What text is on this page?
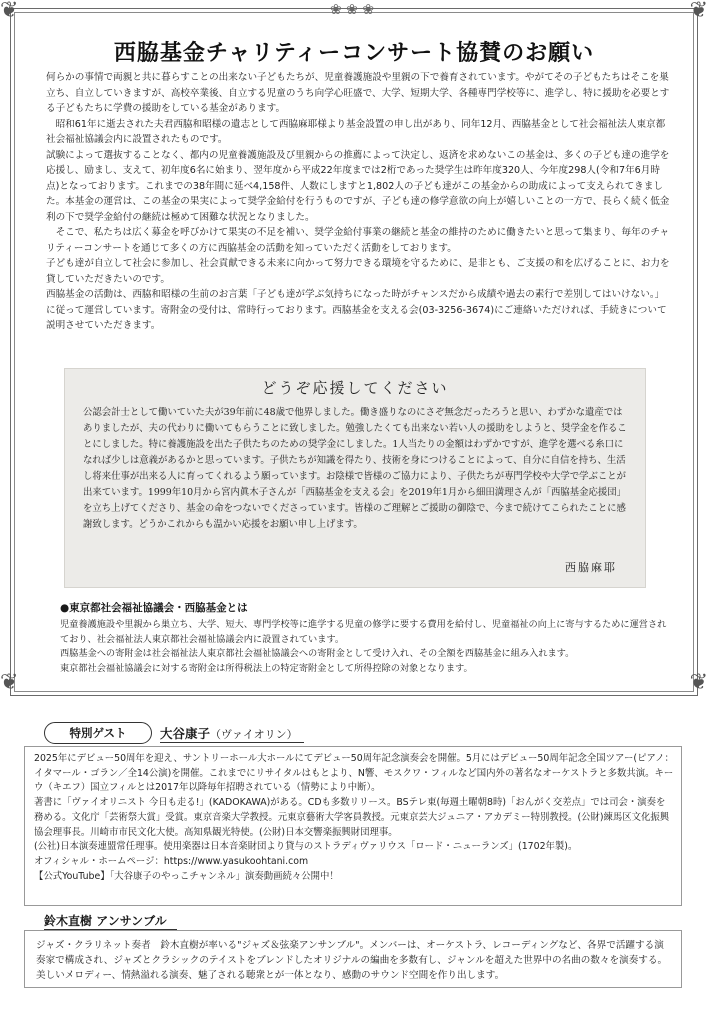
❦	❦
❦	❦
❀ ❀ ❀
西脇基金チャリティーコンサート協賛のお願い

何らかの事情で両親と共に暮らすことの出来ない子どもたちが、児童養護施設や里親の下で養育されています。やがてその子どもたちはそこを巣立ち、自立していきますが、高校卒業後、自立する児童のうち向学心旺盛で、大学、短期大学、各種専門学校等に、進学し、特に援助を必要とする子どもたちに学費の援助をしている基金があります。

　昭和61年に逝去された夫君西脇和昭様の遺志として西脇麻耶様より基金設置の申し出があり、同年12月、西脇基金として社会福祉法人東京都社会福祉協議会内に設置されたものです。

試験によって選抜することなく、都内の児童養護施設及び里親からの推薦によって決定し、返済を求めないこの基金は、多くの子ども達の進学を応援し、励まし、支えて、初年度6名に始まり、翌年度から平成22年度までは2桁であった奨学生は昨年度320人、今年度298人(令和7年6月時点)となっております。これまでの38年間に延べ4,158件、人数にしますと1,802人の子ども達がこの基金からの助成によって支えられてきました。本基金の運営は、この基金の果実によって奨学金給付を行うものですが、子ども達の修学意欲の向上が嬉しいことの一方で、長らく続く低金利の下で奨学金給付の継続は極めて困難な状況となりました。

　そこで、私たちは広く募金を呼びかけて果実の不足を補い、奨学金給付事業の継続と基金の維持のために働きたいと思って集まり、毎年のチャリティーコンサートを通じて多くの方に西脇基金の活動を知っていただく活動をしております。

子ども達が自立して社会に参加し、社会貢献できる未来に向かって努力できる環境を守るために、是非とも、ご支援の和を広げることに、お力を貸していただきたいのです。

西脇基金の活動は、西脇和昭様の生前のお言葉「子ども達が学ぶ気持ちになった時がチャンスだから成績や過去の素行で差別してはいけない。」に従って運営しています。寄附金の受付は、常時行っております。西脇基金を支える会(03-3256-3674)にご連絡いただければ、手続きについて説明させていただきます。

どうぞ応援してください
公認会計士として働いていた夫が39年前に48歳で他界しました。働き盛りなのにさぞ無念だったろうと思い、わずかな遺産ではありましたが、夫の代わりに働いてもらうことに致しました。勉強したくても出来ない若い人の援助をしようと、奨学金を作ることにしました。特に養護施設を出た子供たちのための奨学金にしました。1人当たりの金額はわずかですが、進学を選べる糸口になれば少しは意義があるかと思っています。子供たちが知識を得たり、技術を身につけることによって、自分に自信を持ち、生活し将来仕事が出来る人に育ってくれるよう願っています。お陰様で皆様のご協力により、子供たちが専門学校や大学で学ぶことが出来ています。1999年10月から宮内眞木子さんが「西脇基金を支える会」を2019年1月から細田満理さんが「西脇基金応援団」を立ち上げてくださり、基金の命をつないでくださっています。皆様のご理解とご援助の御陰で、今まで続けてこられたことに感謝致します。どうかこれからも温かい応援をお願い申し上げます。
西脇麻耶
●東京都社会福祉協議会・西脇基金とは

児童養護施設や里親から巣立ち、大学、短大、専門学校等に進学する児童の修学に要する費用を給付し、児童福祉の向上に寄与するために運営されており、社会福祉法人東京都社会福祉協議会内に設置されています。

西脇基金への寄附金は社会福祉法人東京都社会福祉協議会への寄附金として受け入れ、その全額を西脇基金に組み入れます。

東京都社会福祉協議会に対する寄附金は所得税法上の特定寄附金として所得控除の対象となります。

特別ゲスト	大谷康子（ヴァイオリン）

2025年にデビュー50周年を迎え、サントリーホール大ホールにてデビュー50周年記念演奏会を開催。5月にはデビュー50周年記念全国ツアー(ピアノ：イタマール・ゴラン／全14公演)を開催。これまでにリサイタルはもとより、N響、モスクワ・フィルなど国内外の著名なオーケストラと多数共演。キーウ（キエフ）国立フィルとは2017年以降毎年招聘されている（情勢により中断）。

著書に「ヴァイオリニスト 今日も走る!」(KADOKAWA)がある。CDも多数リリース。BSテレ東(毎週土曜朝8時)「おんがく交差点」では司会・演奏を務める。文化庁「芸術祭大賞」受賞。東京音楽大学教授。元東京藝術大学客員教授。元東京芸大ジュニア・アカデミー特別教授。(公財)練馬区文化振興協会理事長。川崎市市民文化大使。高知県観光特使。(公財)日本交響楽振興財団理事。

(公社)日本演奏連盟常任理事。使用楽器は日本音楽財団より貸与のストラディヴァリウス「ロード・ニューランズ」(1702年製)。

オフィシャル・ホームページ：https://www.yasukoohtani.com

【公式YouTube】「大谷康子のやっこチャンネル」演奏動画続々公開中！

鈴木直樹 アンサンブル
ジャズ・クラリネット奏者　鈴木直樹が率いる"ジャズ＆弦楽アンサンブル"。メンバーは、オーケストラ、レコーディングなど、各界で活躍する演奏家で構成され、ジャズとクラシックのテイストをブレンドしたオリジナルの編曲を多数有し、ジャンルを超えた世界中の名曲の数々を演奏する。美しいメロディー、情熱溢れる演奏、魅了される聴衆とが一体となり、感動のサウンド空間を作り出します。
